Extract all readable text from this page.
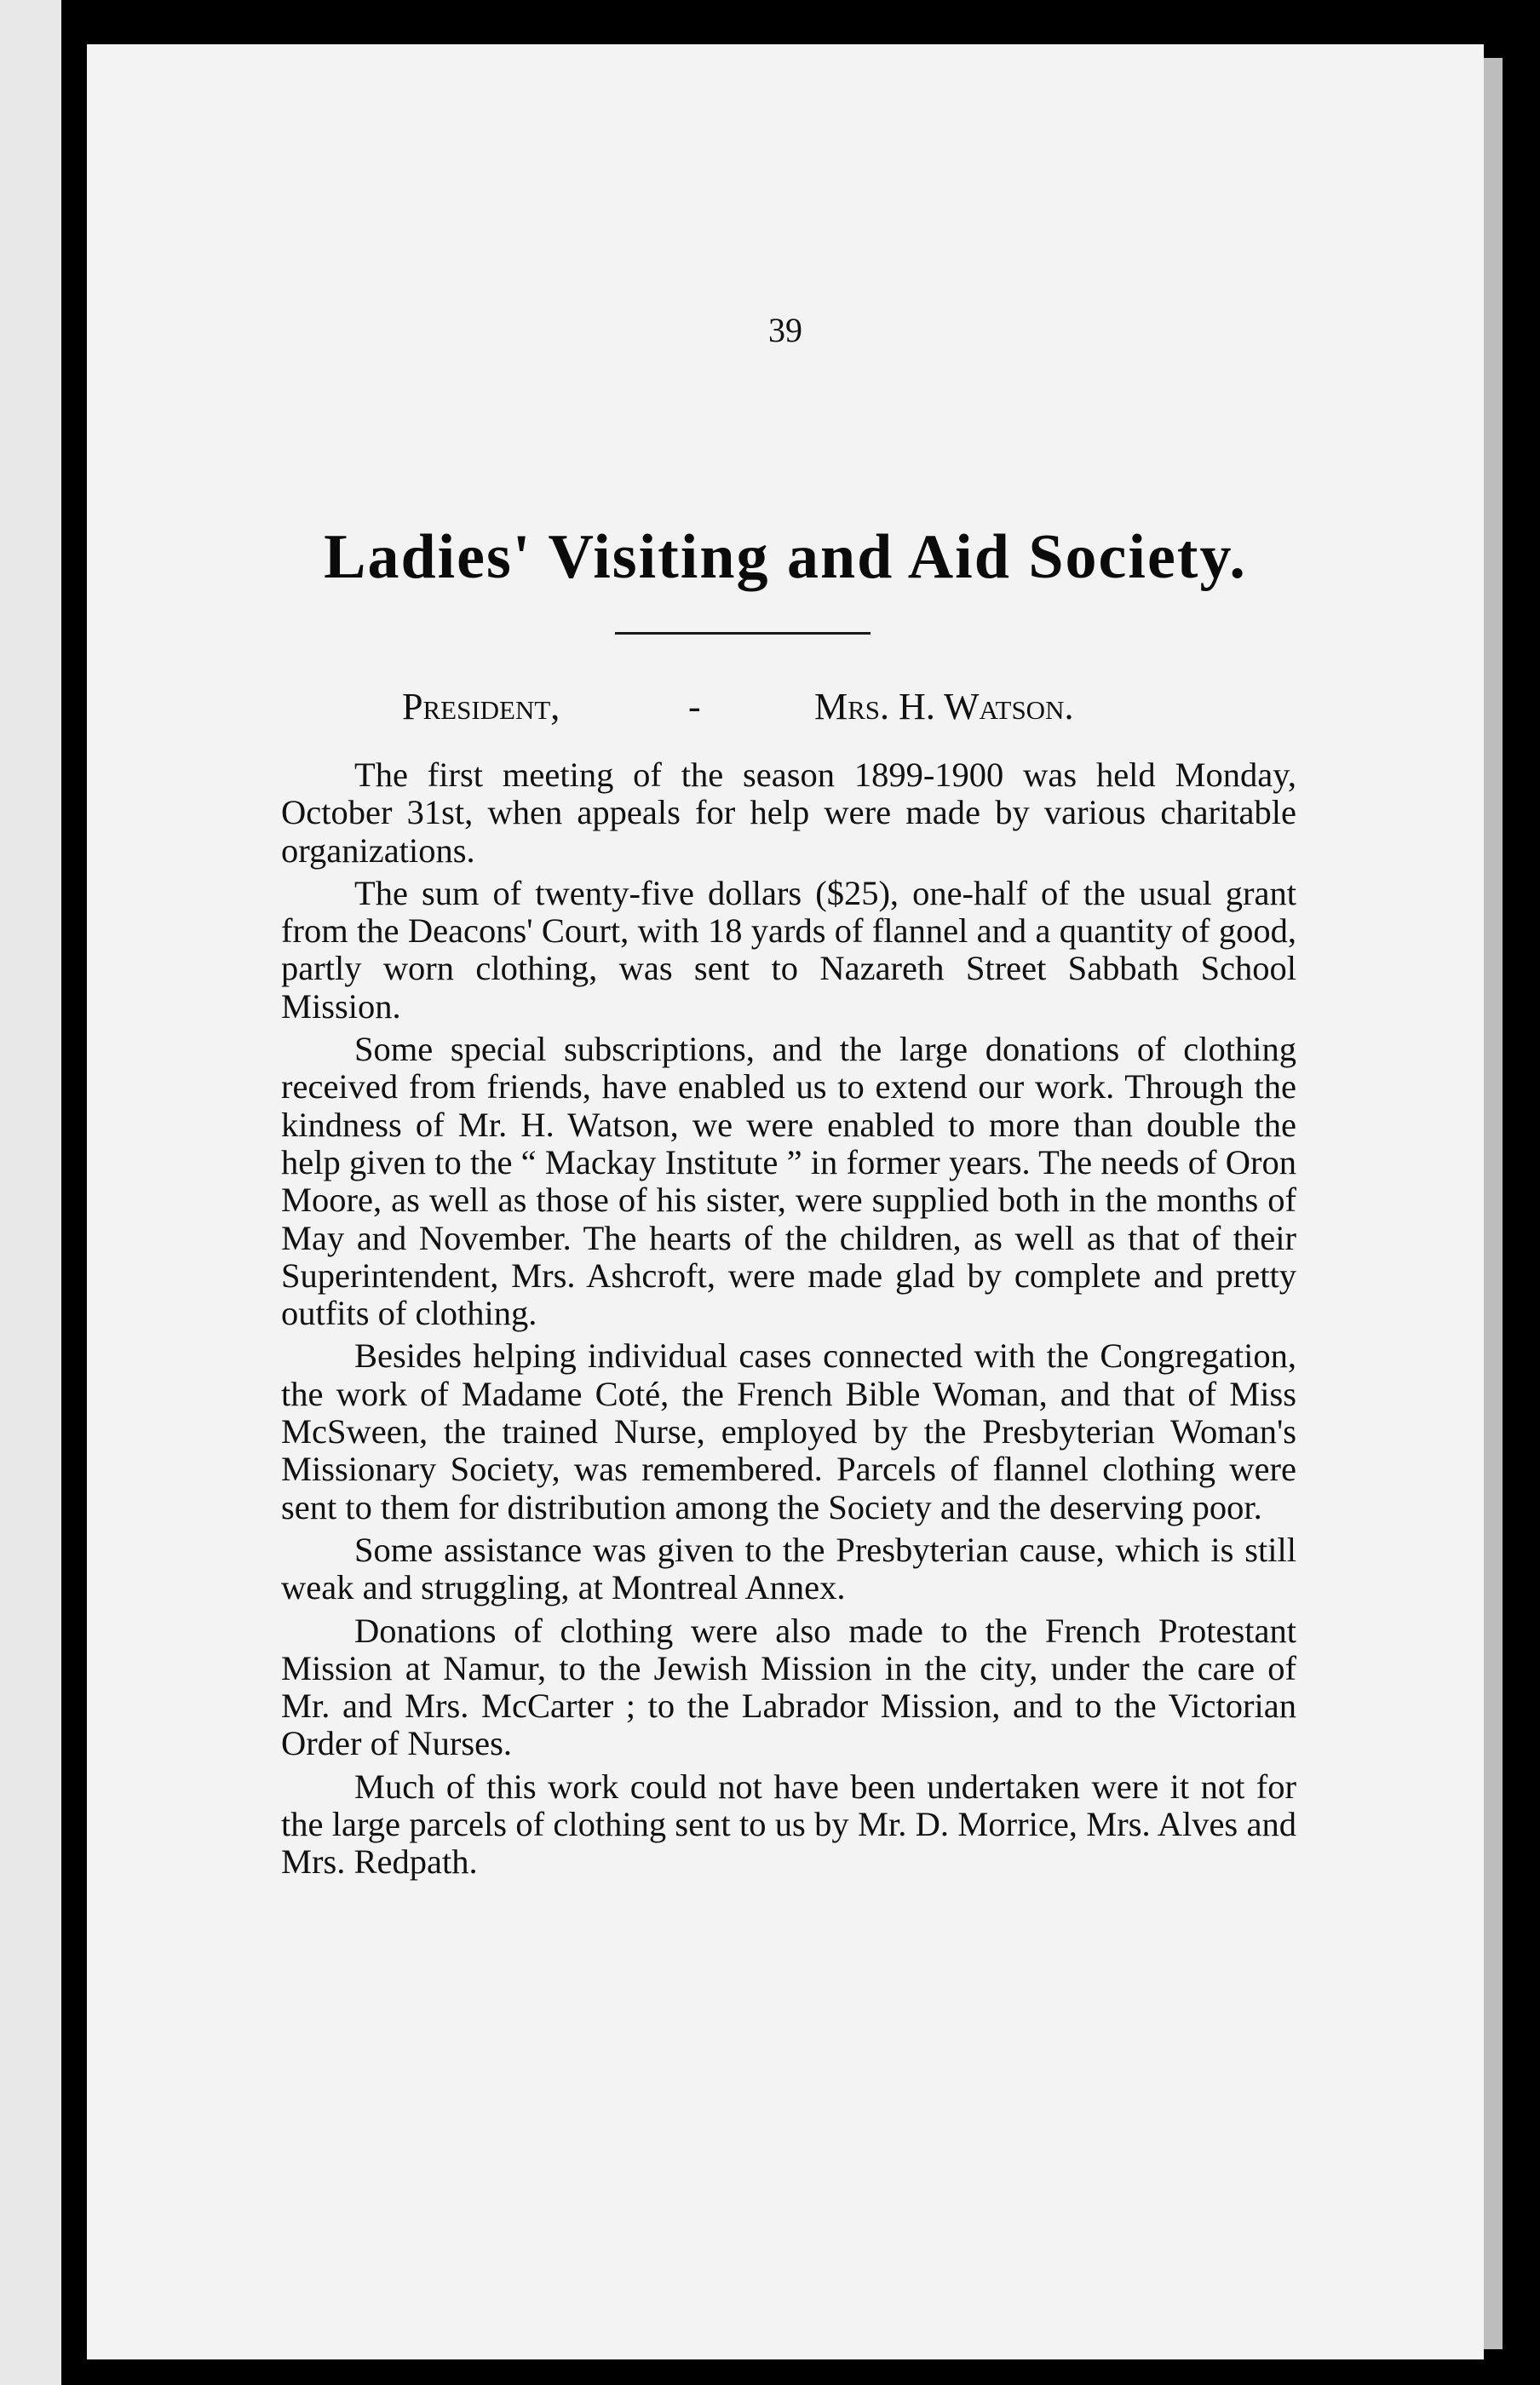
39
Ladies' Visiting and Aid Society.
President,	-	Mrs. H. Watson.

The first meeting of the season 1899-1900 was held Monday, October 31st, when appeals for help were made by various charitable organizations.

The sum of twenty-five dollars ($25), one-half of the usual grant from the Deacons' Court, with 18 yards of flannel and a quantity of good, partly worn clothing, was sent to Nazareth Street Sabbath School Mission.

Some special subscriptions, and the large donations of clothing received from friends, have enabled us to extend our work. Through the kindness of Mr. H. Watson, we were enabled to more than double the help given to the “ Mackay Institute ” in former years. The needs of Oron Moore, as well as those of his sister, were supplied both in the months of May and November. The hearts of the children, as well as that of their Superintendent, Mrs. Ashcroft, were made glad by complete and pretty outfits of clothing.

Besides helping individual cases connected with the Congregation, the work of Madame Coté, the French Bible Woman, and that of Miss McSween, the trained Nurse, employed by the Presbyterian Woman's Missionary Society, was remembered. Parcels of flannel clothing were sent to them for distribution among the Society and the deserving poor.

Some assistance was given to the Presbyterian cause, which is still weak and struggling, at Montreal Annex.

Donations of clothing were also made to the French Protestant Mission at Namur, to the Jewish Mission in the city, under the care of Mr. and Mrs. McCarter ; to the Labrador Mission, and to the Victorian Order of Nurses.

Much of this work could not have been undertaken were it not for the large parcels of clothing sent to us by Mr. D. Morrice, Mrs. Alves and Mrs. Redpath.
